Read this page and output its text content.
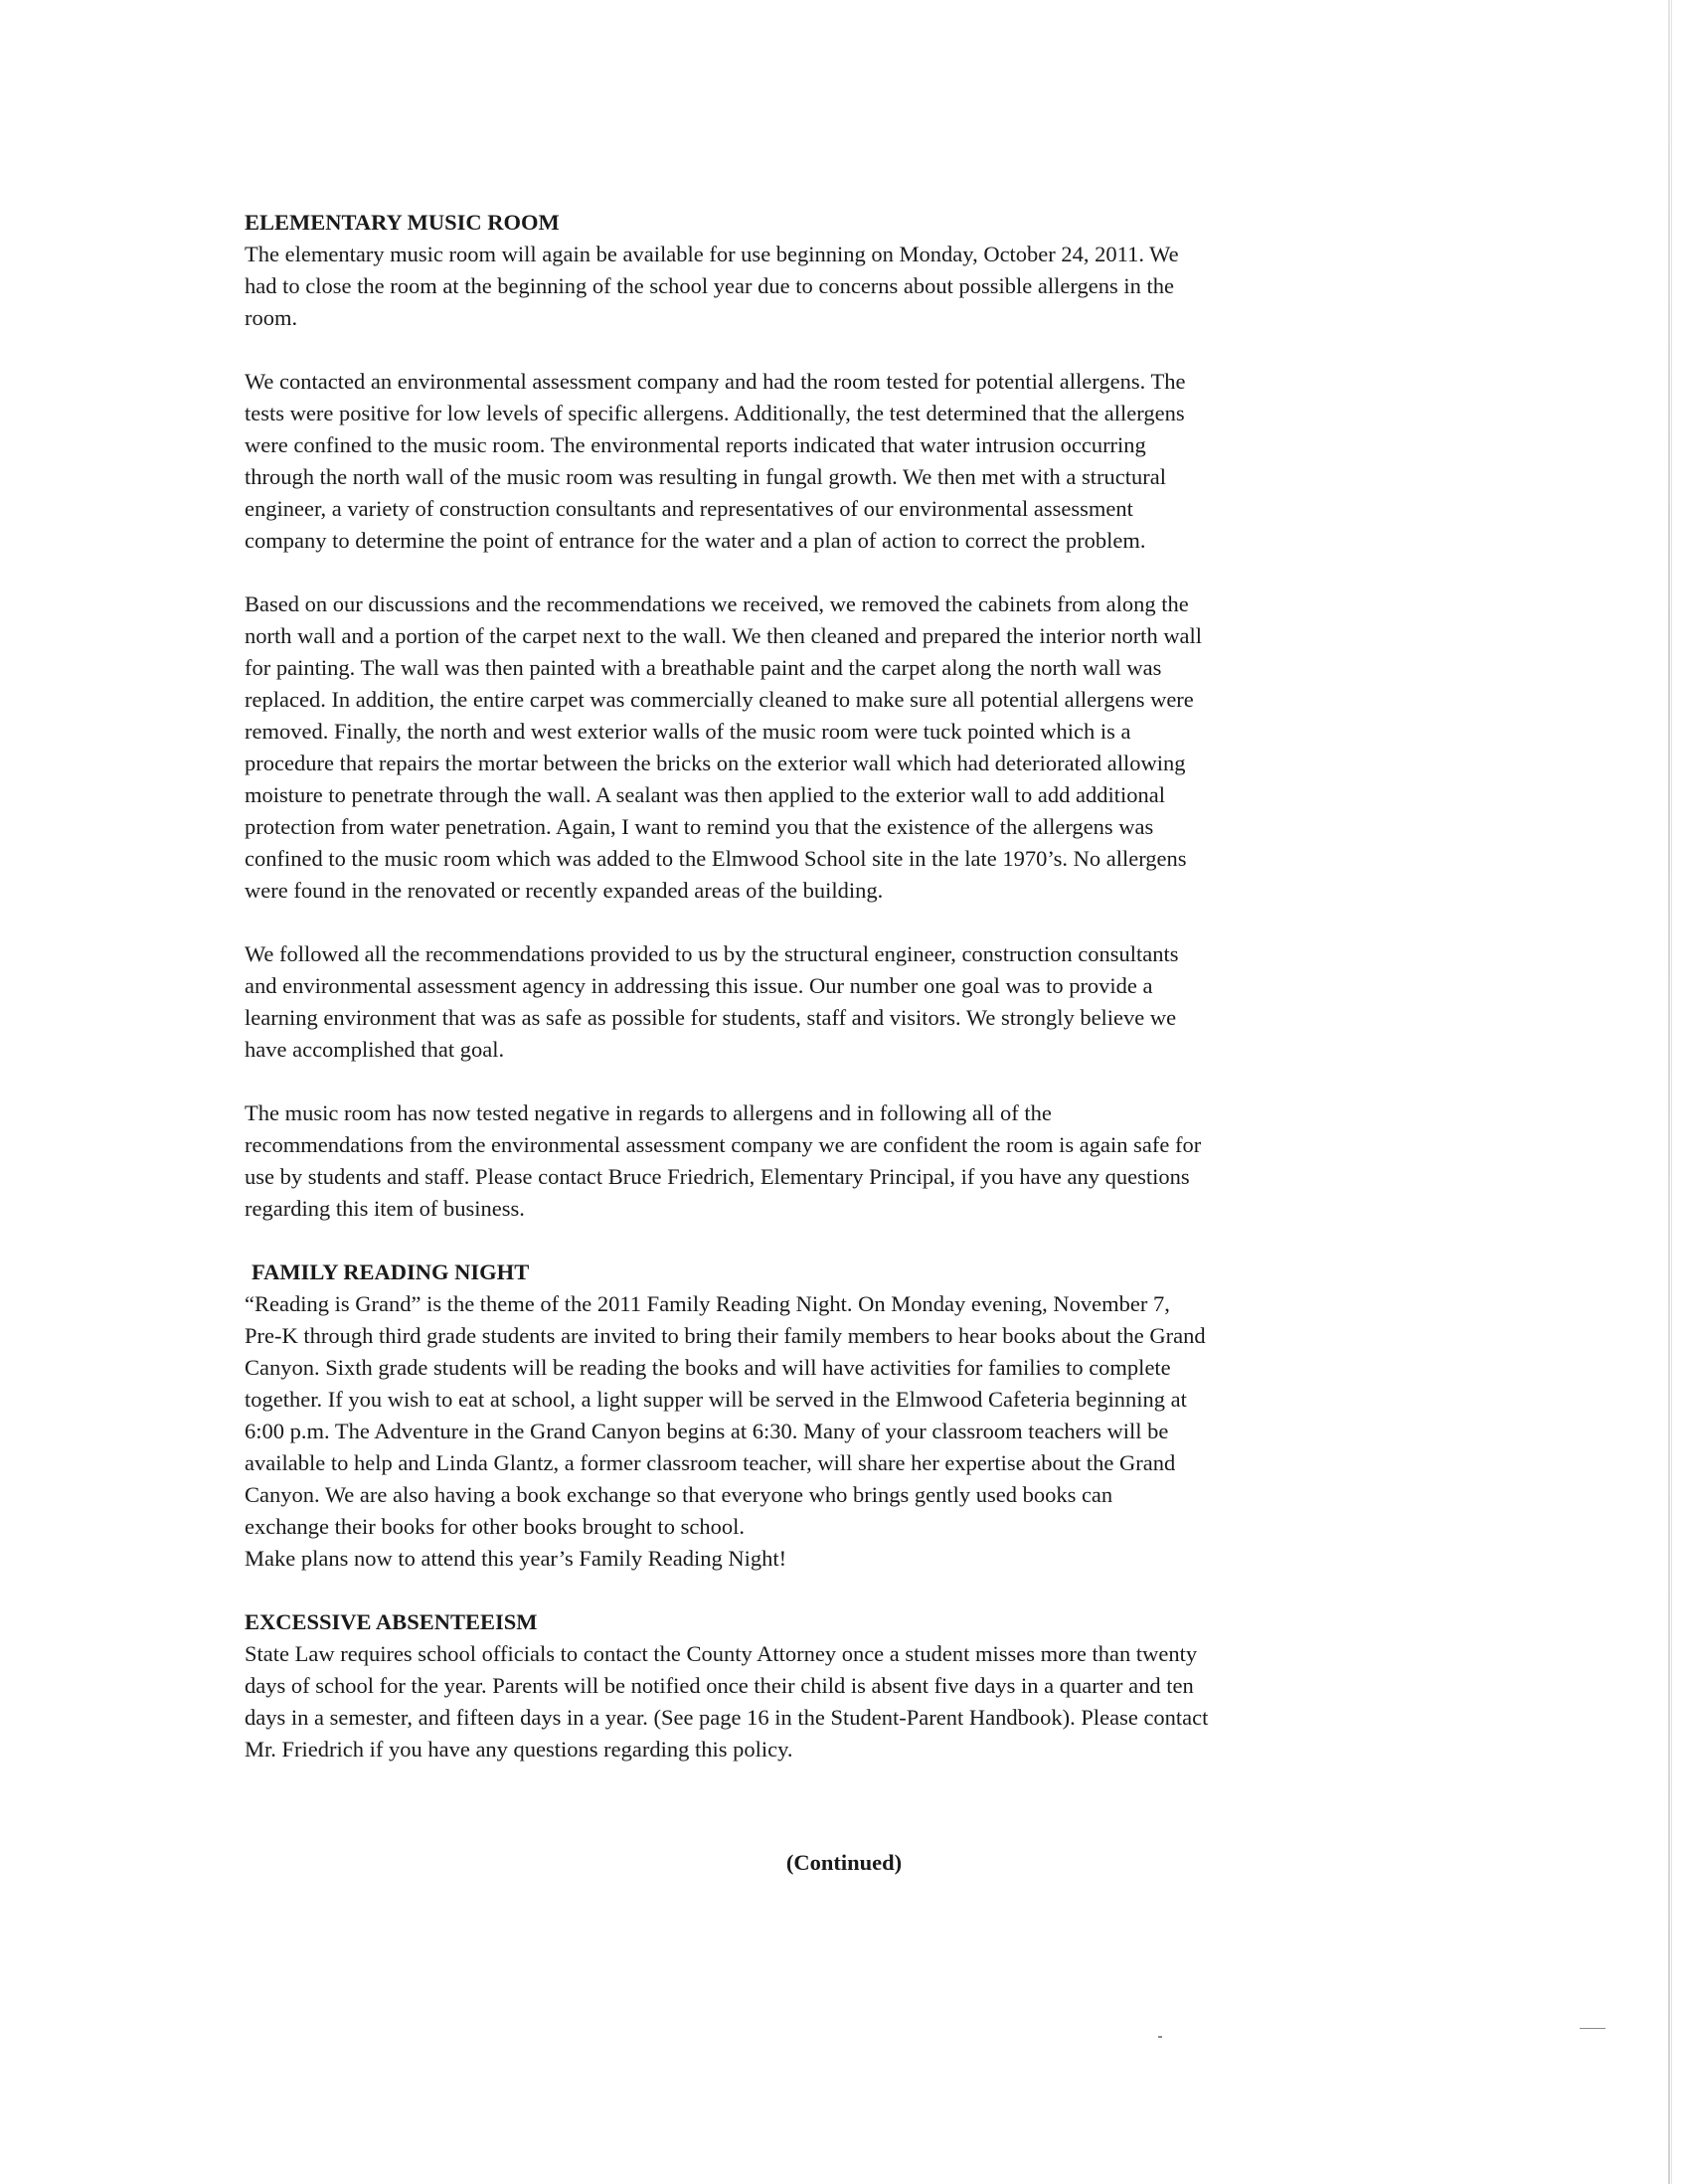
ELEMENTARY MUSIC ROOM
The elementary music room will again be available for use beginning on Monday, October 24, 2011. We
had to close the room at the beginning of the school year due to concerns about possible allergens in the
room.
We contacted an environmental assessment company and had the room tested for potential allergens. The
tests were positive for low levels of specific allergens. Additionally, the test determined that the allergens
were confined to the music room. The environmental reports indicated that water intrusion occurring
through the north wall of the music room was resulting in fungal growth. We then met with a structural
engineer, a variety of construction consultants and representatives of our environmental assessment
company to determine the point of entrance for the water and a plan of action to correct the problem.
Based on our discussions and the recommendations we received, we removed the cabinets from along the
north wall and a portion of the carpet next to the wall. We then cleaned and prepared the interior north wall
for painting. The wall was then painted with a breathable paint and the carpet along the north wall was
replaced. In addition, the entire carpet was commercially cleaned to make sure all potential allergens were
removed. Finally, the north and west exterior walls of the music room were tuck pointed which is a
procedure that repairs the mortar between the bricks on the exterior wall which had deteriorated allowing
moisture to penetrate through the wall. A sealant was then applied to the exterior wall to add additional
protection from water penetration. Again, I want to remind you that the existence of the allergens was
confined to the music room which was added to the Elmwood School site in the late 1970’s. No allergens
were found in the renovated or recently expanded areas of the building.
We followed all the recommendations provided to us by the structural engineer, construction consultants
and environmental assessment agency in addressing this issue. Our number one goal was to provide a
learning environment that was as safe as possible for students, staff and visitors. We strongly believe we
have accomplished that goal.
The music room has now tested negative in regards to allergens and in following all of the
recommendations from the environmental assessment company we are confident the room is again safe for
use by students and staff. Please contact Bruce Friedrich, Elementary Principal, if you have any questions
regarding this item of business.
FAMILY READING NIGHT
“Reading is Grand” is the theme of the 2011 Family Reading Night. On Monday evening, November 7,
Pre-K through third grade students are invited to bring their family members to hear books about the Grand
Canyon. Sixth grade students will be reading the books and will have activities for families to complete
together. If you wish to eat at school, a light supper will be served in the Elmwood Cafeteria beginning at
6:00 p.m. The Adventure in the Grand Canyon begins at 6:30. Many of your classroom teachers will be
available to help and Linda Glantz, a former classroom teacher, will share her expertise about the Grand
Canyon. We are also having a book exchange so that everyone who brings gently used books can
exchange their books for other books brought to school.
Make plans now to attend this year’s Family Reading Night!
EXCESSIVE ABSENTEEISM
State Law requires school officials to contact the County Attorney once a student misses more than twenty
days of school for the year. Parents will be notified once their child is absent five days in a quarter and ten
days in a semester, and fifteen days in a year. (See page 16 in the Student-Parent Handbook). Please contact
Mr. Friedrich if you have any questions regarding this policy.
(Continued)
